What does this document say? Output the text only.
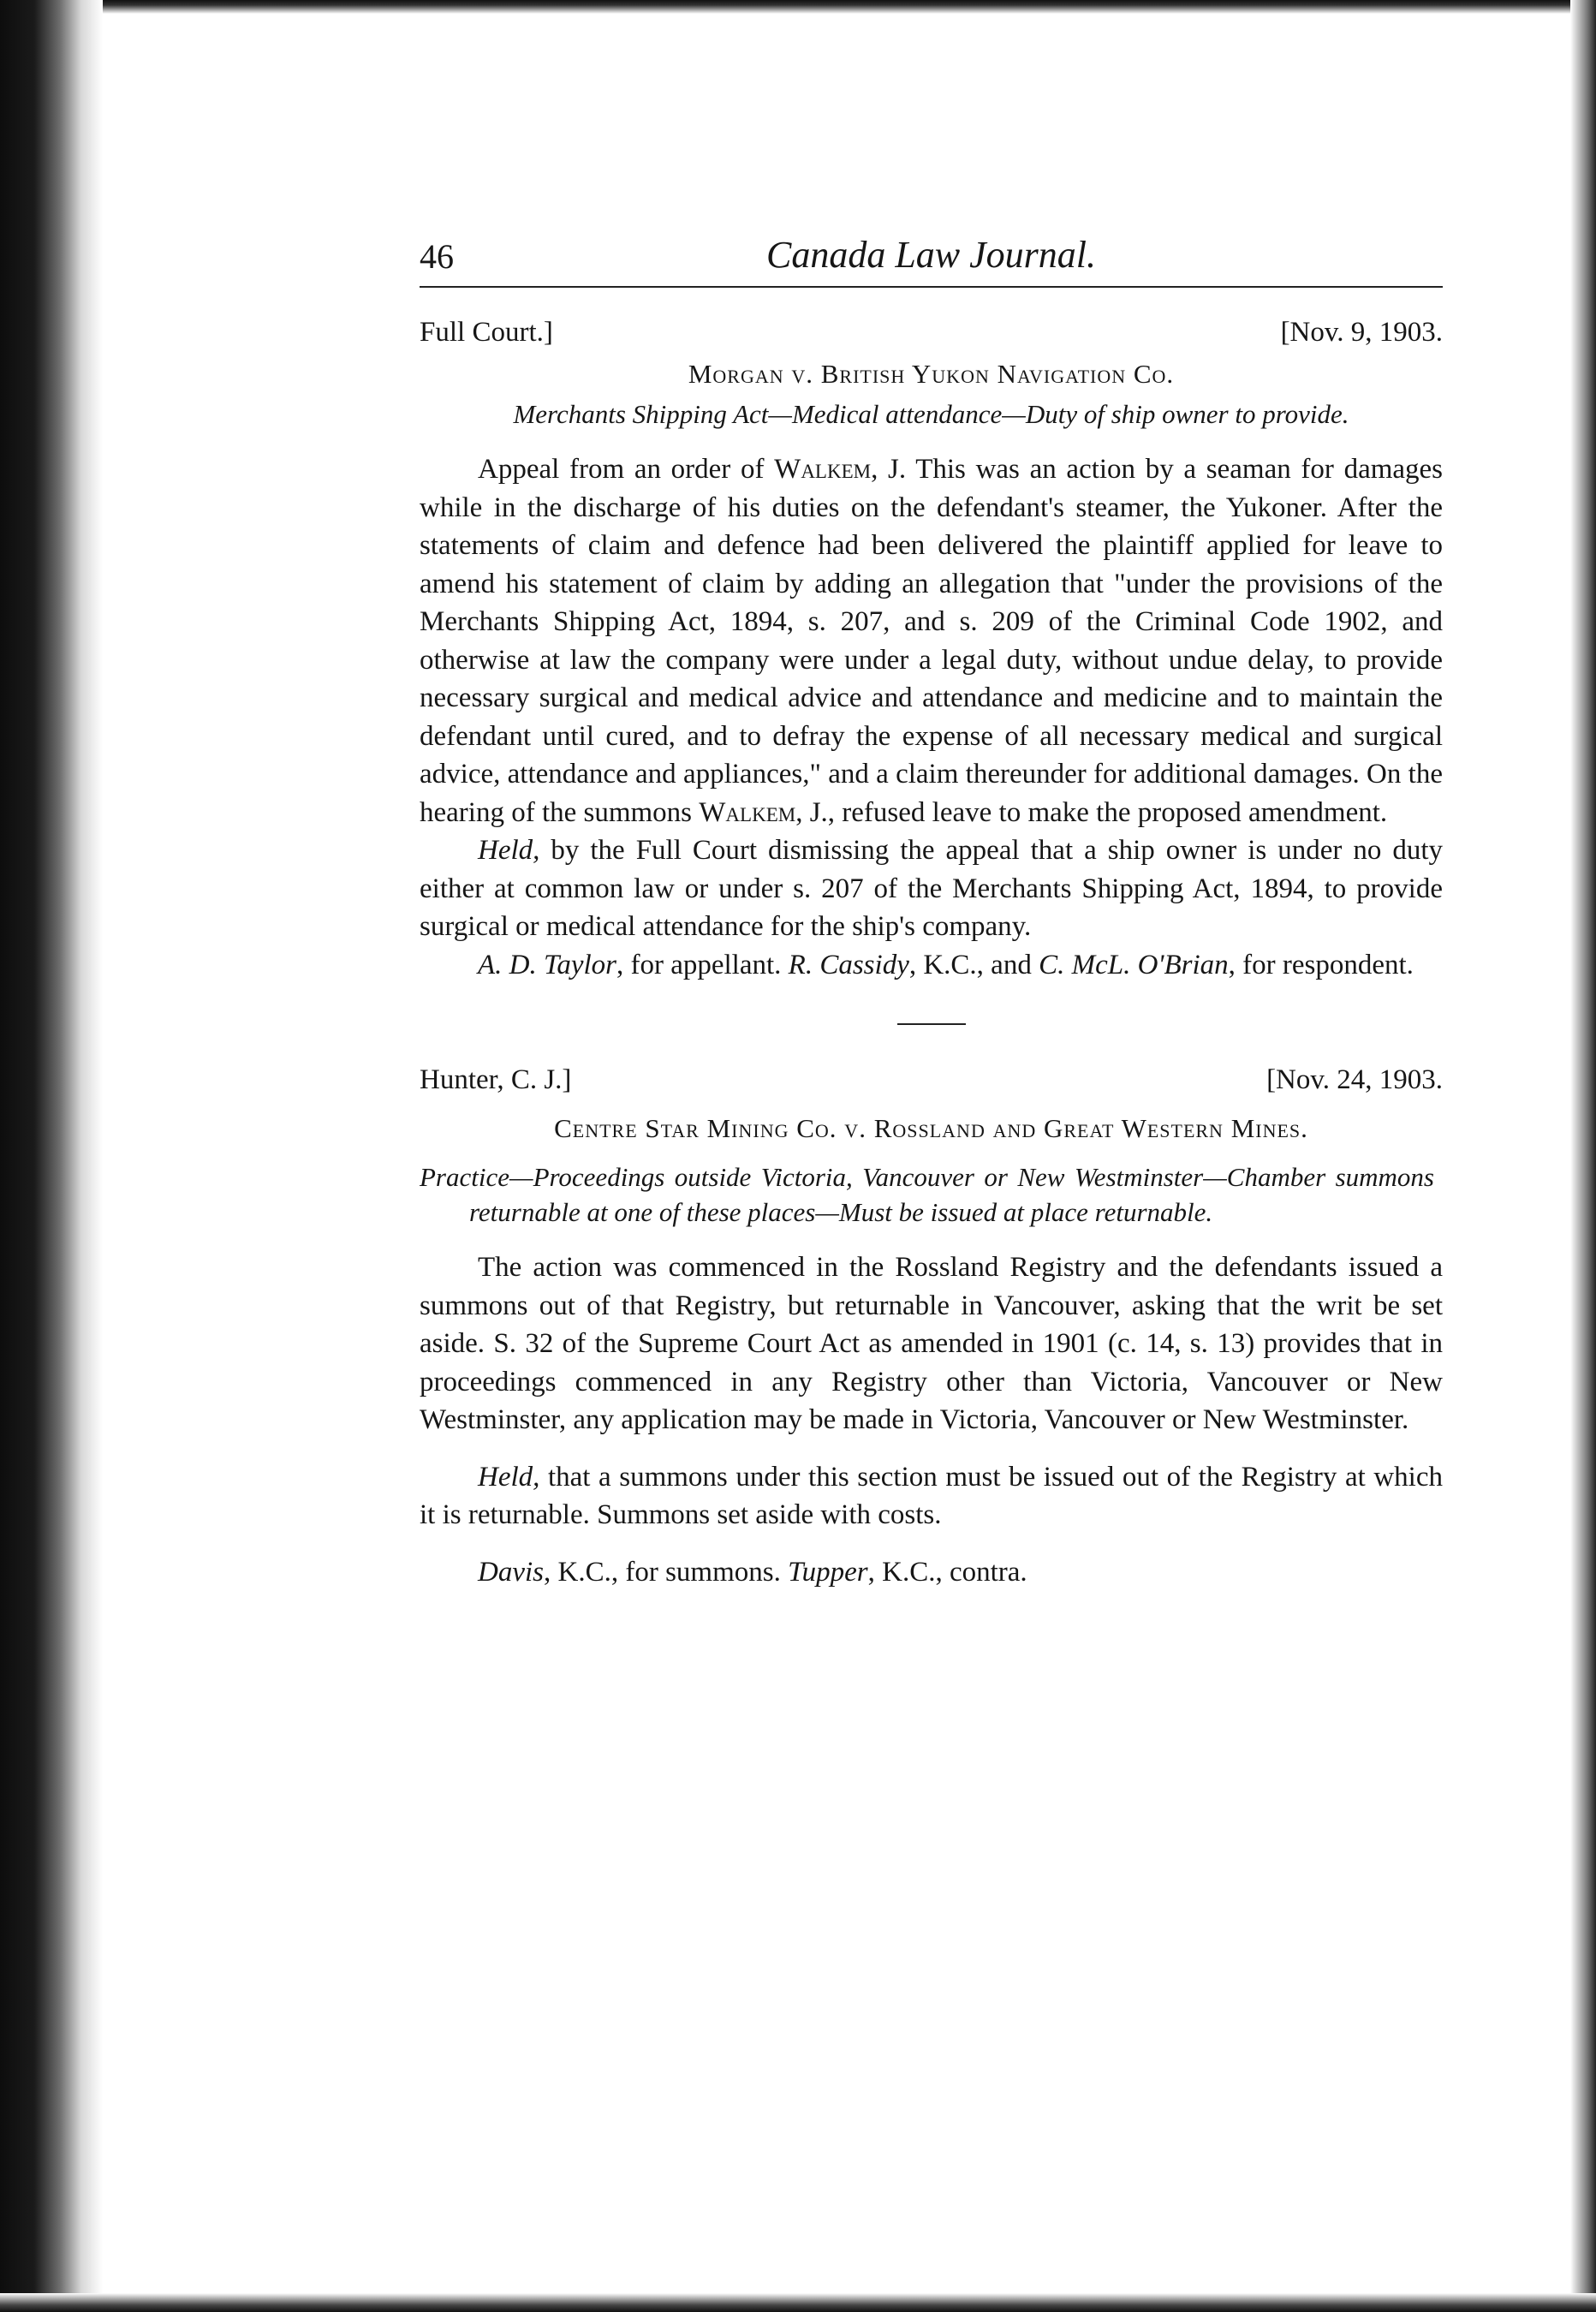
46	Canada Law Journal.
Full Court.]	[Nov. 9, 1903.
Morgan v. British Yukon Navigation Co.
Merchants Shipping Act—Medical attendance—Duty of ship owner to provide.

Appeal from an order of Walkem, J. This was an action by a seaman for damages while in the discharge of his duties on the defendant's steamer, the Yukoner. After the statements of claim and defence had been delivered the plaintiff applied for leave to amend his statement of claim by adding an allegation that "under the provisions of the Merchants Shipping Act, 1894, s. 207, and s. 209 of the Criminal Code 1902, and otherwise at law the company were under a legal duty, without undue delay, to provide necessary surgical and medical advice and attendance and medicine and to maintain the defendant until cured, and to defray the expense of all necessary medical and surgical advice, attendance and appliances," and a claim thereunder for additional damages. On the hearing of the summons Walkem, J., refused leave to make the proposed amendment.

Held, by the Full Court dismissing the appeal that a ship owner is under no duty either at common law or under s. 207 of the Merchants Shipping Act, 1894, to provide surgical or medical attendance for the ship's company.

A. D. Taylor, for appellant. R. Cassidy, K.C., and C. McL. O'Brian, for respondent.

Hunter, C. J.]	[Nov. 24, 1903.
Centre Star Mining Co. v. Rossland and Great Western Mines.
Practice—Proceedings outside Victoria, Vancouver or New Westminster—Chamber summons returnable at one of these places—Must be issued at place returnable.

The action was commenced in the Rossland Registry and the defendants issued a summons out of that Registry, but returnable in Vancouver, asking that the writ be set aside. S. 32 of the Supreme Court Act as amended in 1901 (c. 14, s. 13) provides that in proceedings commenced in any Registry other than Victoria, Vancouver or New Westminster, any application may be made in Victoria, Vancouver or New Westminster.

Held, that a summons under this section must be issued out of the Registry at which it is returnable. Summons set aside with costs.

Davis, K.C., for summons. Tupper, K.C., contra.
